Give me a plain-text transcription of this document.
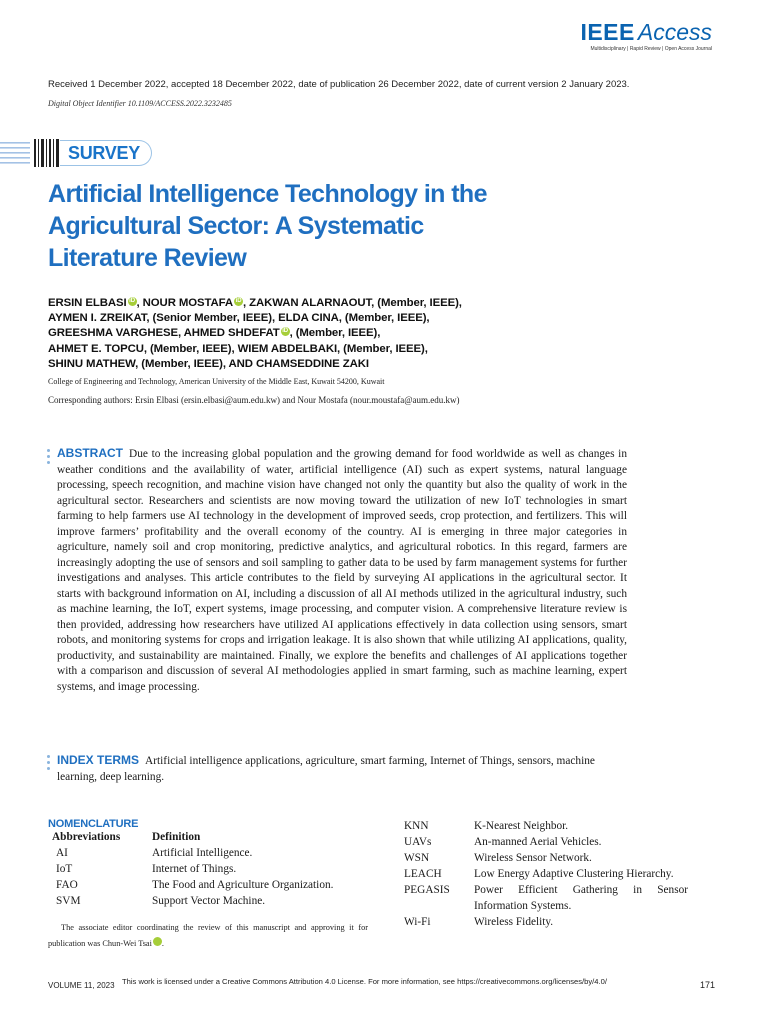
IEEE Access
Multidisciplinary | Rapid Review | Open Access Journal
Received 1 December 2022, accepted 18 December 2022, date of publication 26 December 2022, date of current version 2 January 2023.
Digital Object Identifier 10.1109/ACCESS.2022.3232485
SURVEY
Artificial Intelligence Technology in the Agricultural Sector: A Systematic Literature Review
ERSIN ELBASI iD , NOUR MOSTAFA iD , ZAKWAN ALARNAOUT, (Member, IEEE),
AYMEN I. ZREIKAT, (Senior Member, IEEE), ELDA CINA, (Member, IEEE),
GREESHMA VARGHESE, AHMED SHDEFAT iD , (Member, IEEE),
AHMET E. TOPCU, (Member, IEEE), WIEM ABDELBAKI, (Member, IEEE),
SHINU MATHEW, (Member, IEEE), AND CHAMSEDDINE ZAKI
College of Engineering and Technology, American University of the Middle East, Kuwait 54200, Kuwait
Corresponding authors: Ersin Elbasi (ersin.elbasi@aum.edu.kw) and Nour Mostafa (nour.moustafa@aum.edu.kw)

ABSTRACT Due to the increasing global population and the growing demand for food worldwide as well as changes in weather conditions and the availability of water, artificial intelligence (AI) such as expert systems, natural language processing, speech recognition, and machine vision have changed not only the quantity but also the quality of work in the agricultural sector. Researchers and scientists are now moving toward the utilization of new IoT technologies in smart farming to help farmers use AI technology in the development of improved seeds, crop protection, and fertilizers. This will improve farmers’ profitability and the overall economy of the country. AI is emerging in three major categories in agriculture, namely soil and crop monitoring, predictive analytics, and agricultural robotics. In this regard, farmers are increasingly adopting the use of sensors and soil sampling to gather data to be used by farm management systems for further investigations and analyses. This article contributes to the field by surveying AI applications in the agricultural sector. It starts with background information on AI, including a discussion of all AI methods utilized in the agricultural industry, such as machine learning, the IoT, expert systems, image processing, and computer vision. A comprehensive literature review is then provided, addressing how researchers have utilized AI applications effectively in data collection using sensors, smart robots, and monitoring systems for crops and irrigation leakage. It is also shown that while utilizing AI applications, quality, productivity, and sustainability are maintained. Finally, we explore the benefits and challenges of AI applications together with a comparison and discussion of several AI methodologies applied in smart farming, such as machine learning, expert systems, and image processing.

INDEX TERMS Artificial intelligence applications, agriculture, smart farming, Internet of Things, sensors, machine learning, deep learning.

NOMENCLATURE
Abbreviations	Definition
AI	Artificial Intelligence.
IoT	Internet of Things.
FAO	The Food and Agriculture Organization.
SVM	Support Vector Machine.

The associate editor coordinating the review of this manuscript and approving it for publication was Chun-Wei Tsai iD.

KNN	K-Nearest Neighbor.
UAVs	An-manned Aerial Vehicles.
WSN	Wireless Sensor Network.
LEACH	Low Energy Adaptive Clustering Hierarchy.
PEGASIS	Power Efficient Gathering in Sensor Information Systems.
Wi-Fi	Wireless Fidelity.
VOLUME 11, 2023 This work is licensed under a Creative Commons Attribution 4.0 License. For more information, see https://creativecommons.org/licenses/by/4.0/	171
